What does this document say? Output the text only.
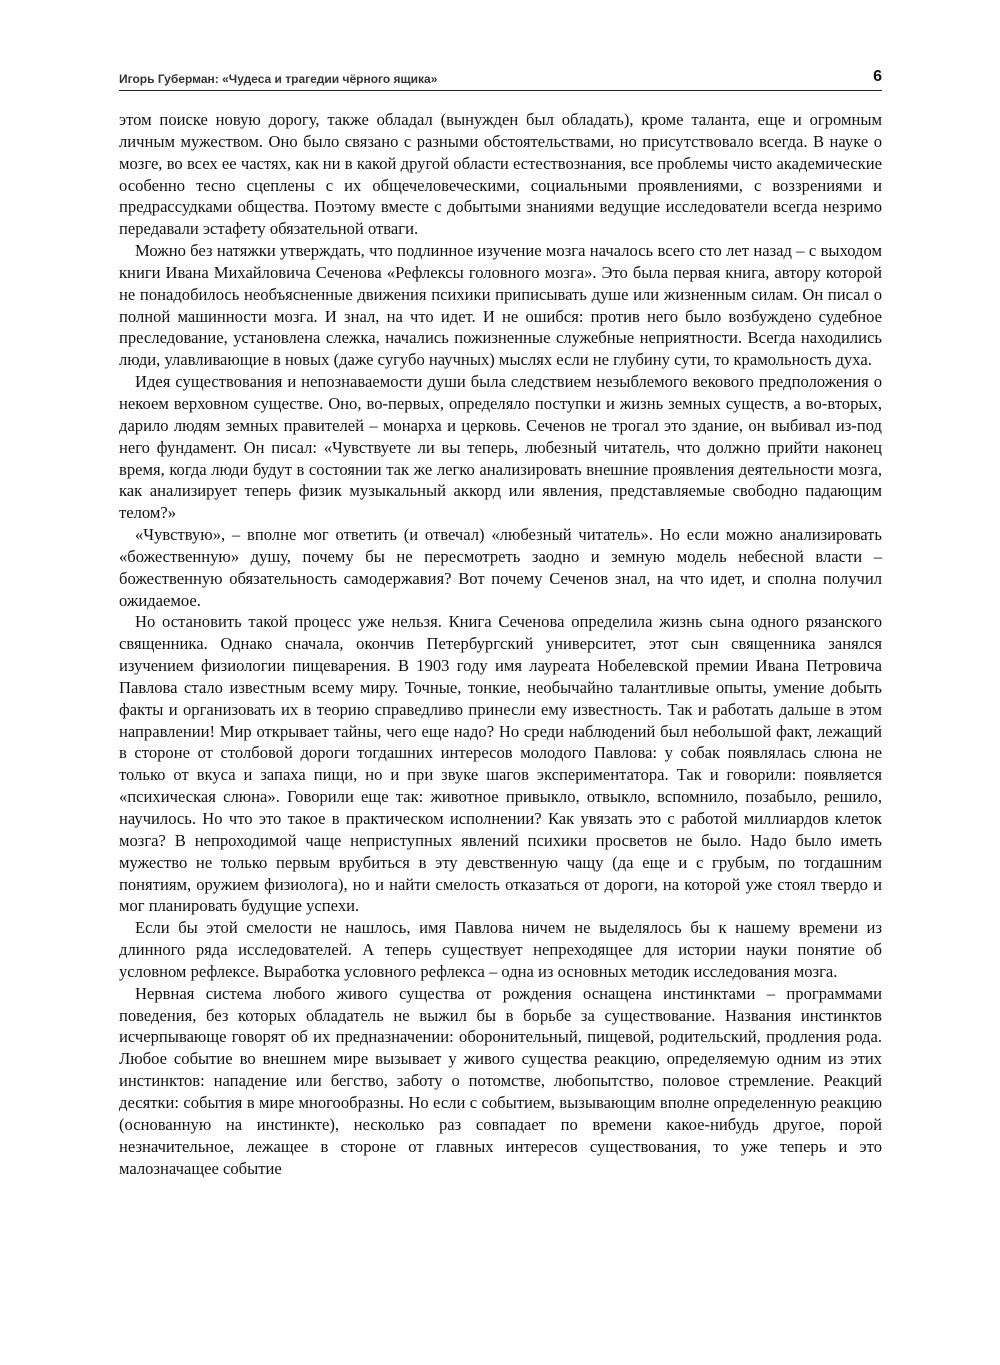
Игорь Губерман: «Чудеса и трагедии чёрного ящика»	6

этом поиске новую дорогу, также обладал (вынужден был обладать), кроме таланта, еще и огромным личным мужеством. Оно было связано с разными обстоятельствами, но присутствовало всегда. В науке о мозге, во всех ее частях, как ни в какой другой области естествознания, все проблемы чисто академические особенно тесно сцеплены с их общечеловеческими, социальными проявлениями, с воззрениями и предрассудками общества. Поэтому вместе с добытыми знаниями ведущие исследователи всегда незримо передавали эстафету обязательной отваги.

Можно без натяжки утверждать, что подлинное изучение мозга началось всего сто лет назад – с выходом книги Ивана Михайловича Сеченова «Рефлексы головного мозга». Это была первая книга, автору которой не понадобилось необъясненные движения психики приписывать душе или жизненным силам. Он писал о полной машинности мозга. И знал, на что идет. И не ошибся: против него было возбуждено судебное преследование, установлена слежка, начались пожизненные служебные неприятности. Всегда находились люди, улавливающие в новых (даже сугубо научных) мыслях если не глубину сути, то крамольность духа.

Идея существования и непознаваемости души была следствием незыблемого векового предположения о некоем верховном существе. Оно, во-первых, определяло поступки и жизнь земных существ, а во-вторых, дарило людям земных правителей – монарха и церковь. Сеченов не трогал это здание, он выбивал из-под него фундамент. Он писал: «Чувствуете ли вы теперь, любезный читатель, что должно прийти наконец время, когда люди будут в состоянии так же легко анализировать внешние проявления деятельности мозга, как анализирует теперь физик музыкальный аккорд или явления, представляемые свободно падающим телом?»

«Чувствую», – вполне мог ответить (и отвечал) «любезный читатель». Но если можно анализировать «божественную» душу, почему бы не пересмотреть заодно и земную модель небесной власти – божественную обязательность самодержавия? Вот почему Сеченов знал, на что идет, и сполна получил ожидаемое.

Но остановить такой процесс уже нельзя. Книга Сеченова определила жизнь сына одного рязанского священника. Однако сначала, окончив Петербургский университет, этот сын священника занялся изучением физиологии пищеварения. В 1903 году имя лауреата Нобелевской премии Ивана Петровича Павлова стало известным всему миру. Точные, тонкие, необычайно талантливые опыты, умение добыть факты и организовать их в теорию справедливо принесли ему известность. Так и работать дальше в этом направлении! Мир открывает тайны, чего еще надо? Но среди наблюдений был небольшой факт, лежащий в стороне от столбовой дороги тогдашних интересов молодого Павлова: у собак появлялась слюна не только от вкуса и запаха пищи, но и при звуке шагов экспериментатора. Так и говорили: появляется «психическая слюна». Говорили еще так: животное привыкло, отвыкло, вспомнило, позабыло, решило, научилось. Но что это такое в практическом исполнении? Как увязать это с работой миллиардов клеток мозга? В непроходимой чаще неприступных явлений психики просветов не было. Надо было иметь мужество не только первым врубиться в эту девственную чащу (да еще и с грубым, по тогдашним понятиям, оружием физиолога), но и найти смелость отказаться от дороги, на которой уже стоял твердо и мог планировать будущие успехи.

Если бы этой смелости не нашлось, имя Павлова ничем не выделялось бы к нашему времени из длинного ряда исследователей. А теперь существует непреходящее для истории науки понятие об условном рефлексе. Выработка условного рефлекса – одна из основных методик исследования мозга.

Нервная система любого живого существа от рождения оснащена инстинктами – программами поведения, без которых обладатель не выжил бы в борьбе за существование. Названия инстинктов исчерпывающе говорят об их предназначении: оборонительный, пищевой, родительский, продления рода. Любое событие во внешнем мире вызывает у живого существа реакцию, определяемую одним из этих инстинктов: нападение или бегство, заботу о потомстве, любопытство, половое стремление. Реакций десятки: события в мире многообразны. Но если с событием, вызывающим вполне определенную реакцию (основанную на инстинкте), несколько раз совпадает по времени какое-нибудь другое, порой незначительное, лежащее в стороне от главных интересов существования, то уже теперь и это малозначащее событие
